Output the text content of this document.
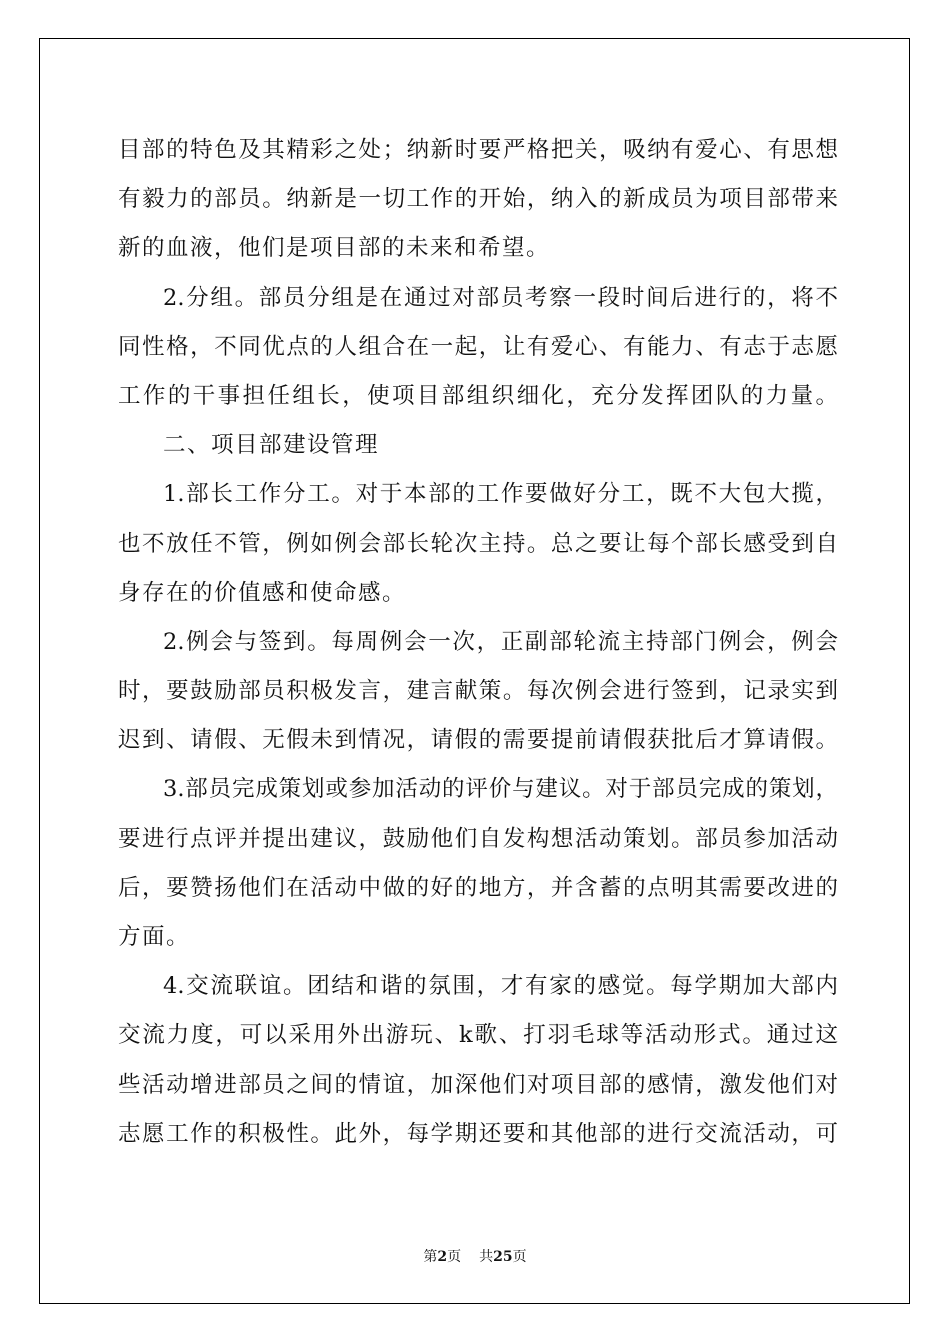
目部的特色及其精彩之处；纳新时要严格把关，吸纳有爱心、有思想
有毅力的部员。纳新是一切工作的开始，纳入的新成员为项目部带来
新的血液，他们是项目部的未来和希望。
2.分组。部员分组是在通过对部员考察一段时间后进行的，将不
同性格，不同优点的人组合在一起，让有爱心、有能力、有志于志愿
工作的干事担任组长，使项目部组织细化，充分发挥团队的力量。
二、项目部建设管理
1.部长工作分工。对于本部的工作要做好分工，既不大包大揽，
也不放任不管，例如例会部长轮次主持。总之要让每个部长感受到自
身存在的价值感和使命感。
2.例会与签到。每周例会一次，正副部轮流主持部门例会，例会
时，要鼓励部员积极发言，建言献策。每次例会进行签到，记录实到
迟到、请假、无假未到情况，请假的需要提前请假获批后才算请假。
3.部员完成策划或参加活动的评价与建议。对于部员完成的策划，
要进行点评并提出建议，鼓励他们自发构想活动策划。部员参加活动
后，要赞扬他们在活动中做的好的地方，并含蓄的点明其需要改进的
方面。
4.交流联谊。团结和谐的氛围，才有家的感觉。每学期加大部内
交流力度，可以采用外出游玩、k歌、打羽毛球等活动形式。通过这
些活动增进部员之间的情谊，加深他们对项目部的感情，激发他们对
志愿工作的积极性。此外，每学期还要和其他部的进行交流活动，可
第2页 共25页
